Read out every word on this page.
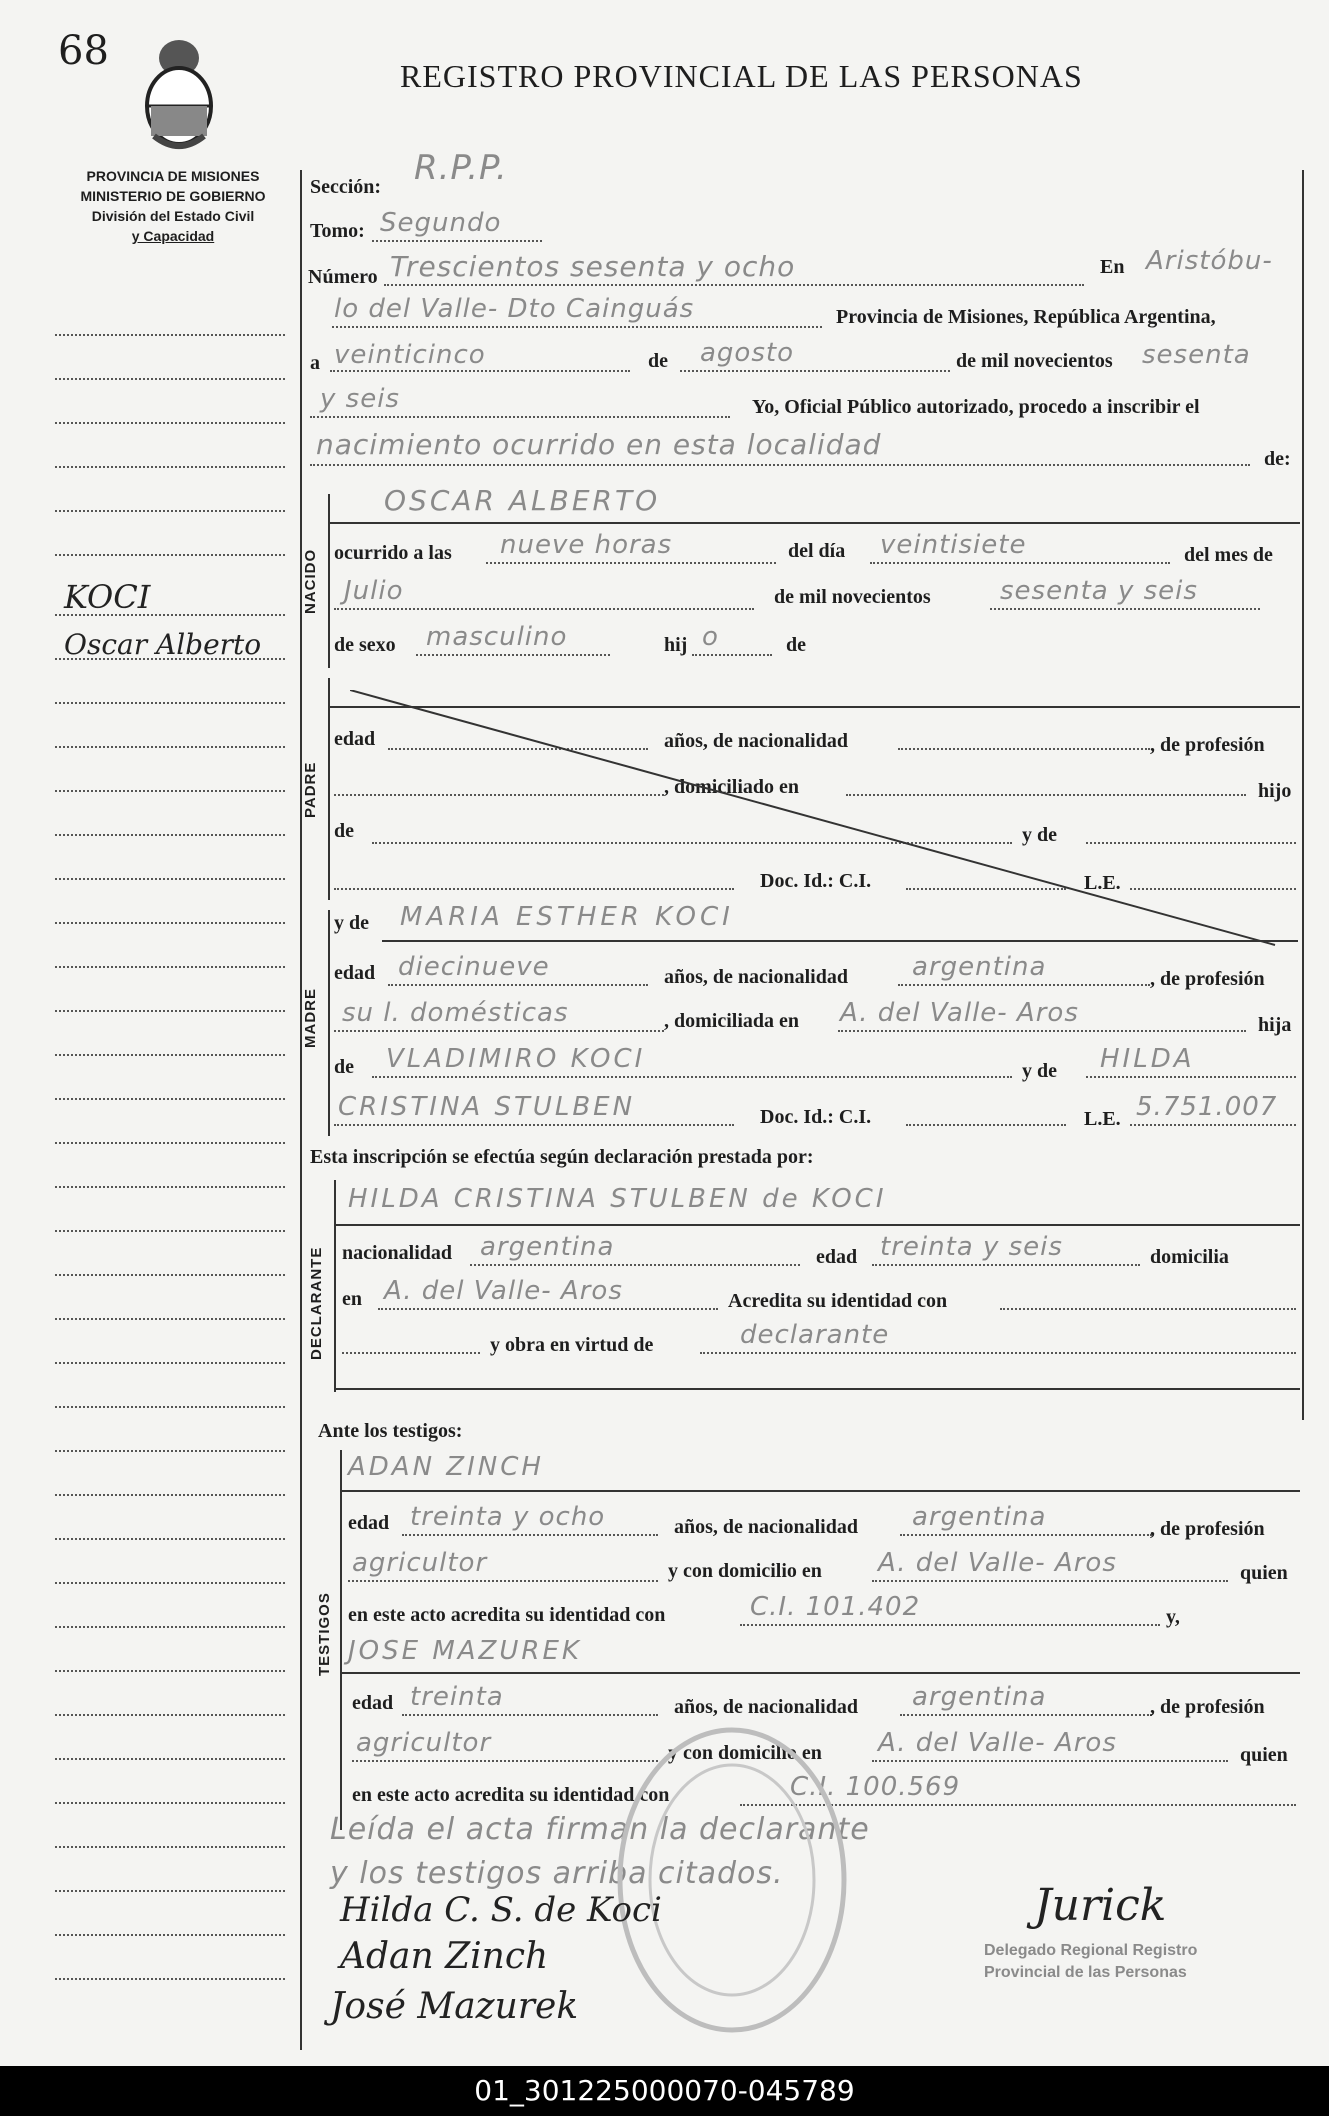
68
REGISTRO PROVINCIAL DE LAS PERSONAS
PROVINCIA DE MISIONES
MINISTERIO DE GOBIERNO
División del Estado Civil
y Capacidad
KOCI
Oscar Alberto
Sección: R.P.P.
Tomo: Segundo
Número Trescientos sesenta y ocho	En Aristóbu-
lo del Valle- Dto Cainguás	Provincia de Misiones, República Argentina,
a veinticinco	de agosto	de mil novecientos sesenta
y seis	Yo, Oficial Público autorizado, procedo a inscribir el
nacimiento ocurrido en esta localidad	de:
NACIDO
OSCAR ALBERTO
ocurrido a las nueve horas	del día veintisiete	del mes de
Julio	de mil novecientos	sesenta y seis
de sexo masculino	hij o	de
PADRE
edad	años, de nacionalidad	, de profesión
, domiciliado en	hijo
de	y de
Doc. Id.: C.I.	L.E.
MADRE
y de MARIA ESTHER KOCI
edad diecinueve	años, de nacionalidad argentina	, de profesión
su l. domésticas	, domiciliada en A. del Valle- Aros	hija
de VLADIMIRO KOCI	y de HILDA
CRISTINA STULBEN	Doc. Id.: C.I.	L.E. 5.751.007
Esta inscripción se efectúa según declaración prestada por:
DECLARANTE
HILDA CRISTINA STULBEN de KOCI
nacionalidad argentina	edad treinta y seis	domicilia
en A. del Valle- Aros	Acredita su identidad con
y obra en virtud de	declarante
Ante los testigos:
TESTIGOS
ADAN ZINCH
edad treinta y ocho	años, de nacionalidad argentina	, de profesión
agricultor	y con domicilio en A. del Valle- Aros	quien
en este acto acredita su identidad con	C.I. 101.402	y,
JOSE MAZUREK
edad treinta	años, de nacionalidad argentina	, de profesión
agricultor	y con domicilio en A. del Valle- Aros	quien
en este acto acredita su identidad con	C.I. 100.569
Leída el acta firman la declarante
y los testigos arriba citados.
Hilda C. S. de Koci
Adan Zinch
José Mazurek
Jurick
Delegado Regional Registro
Provincial de las Personas
01_301225000070-045789
